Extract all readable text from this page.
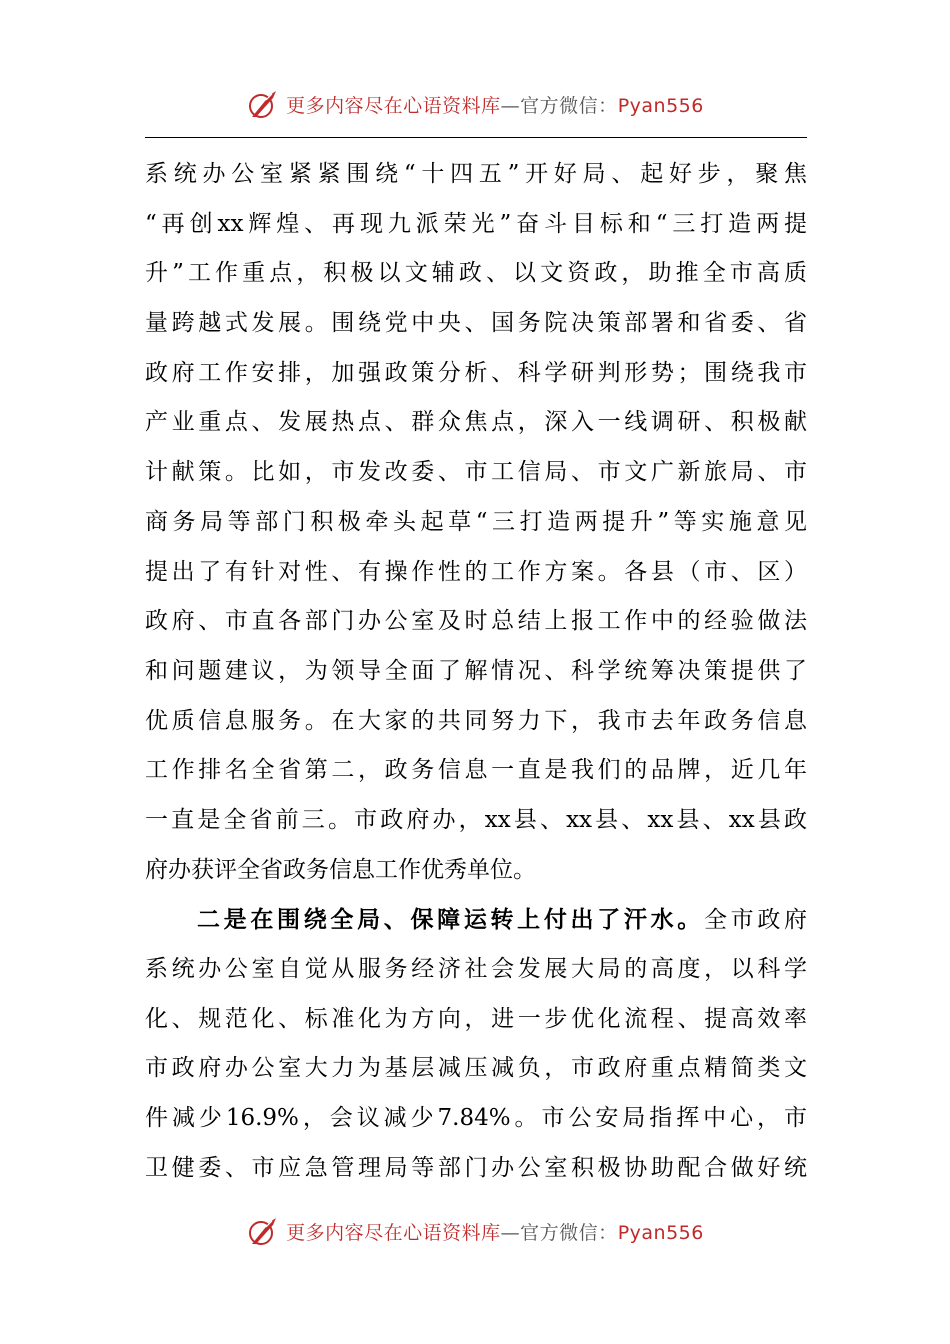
更多内容尽在心语资料库—官方微信：Pyan556
系统办公室紧紧围绕“十四五”开好局、起好步，聚焦
“再创xx辉煌、再现九派荣光”奋斗目标和“三打造两提
升”工作重点，积极以文辅政、以文资政，助推全市高质
量跨越式发展。围绕党中央、国务院决策部署和省委、省
政府工作安排，加强政策分析、科学研判形势；围绕我市
产业重点、发展热点、群众焦点，深入一线调研、积极献
计献策。比如，市发改委、市工信局、市文广新旅局、市
商务局等部门积极牵头起草“三打造两提升”等实施意见
提出了有针对性、有操作性的工作方案。各县（市、区）
政府、市直各部门办公室及时总结上报工作中的经验做法
和问题建议，为领导全面了解情况、科学统筹决策提供了
优质信息服务。在大家的共同努力下，我市去年政务信息
工作排名全省第二，政务信息一直是我们的品牌，近几年
一直是全省前三。市政府办，xx县、xx县、xx县、xx县政
府办获评全省政务信息工作优秀单位。
二是在围绕全局、保障运转上付出了汗水。全市政府
系统办公室自觉从服务经济社会发展大局的高度，以科学
化、规范化、标准化为方向，进一步优化流程、提高效率
市政府办公室大力为基层减压减负，市政府重点精简类文
件减少16.9%，会议减少7.84%。市公安局指挥中心，市
卫健委、市应急管理局等部门办公室积极协助配合做好统
更多内容尽在心语资料库—官方微信：Pyan556
